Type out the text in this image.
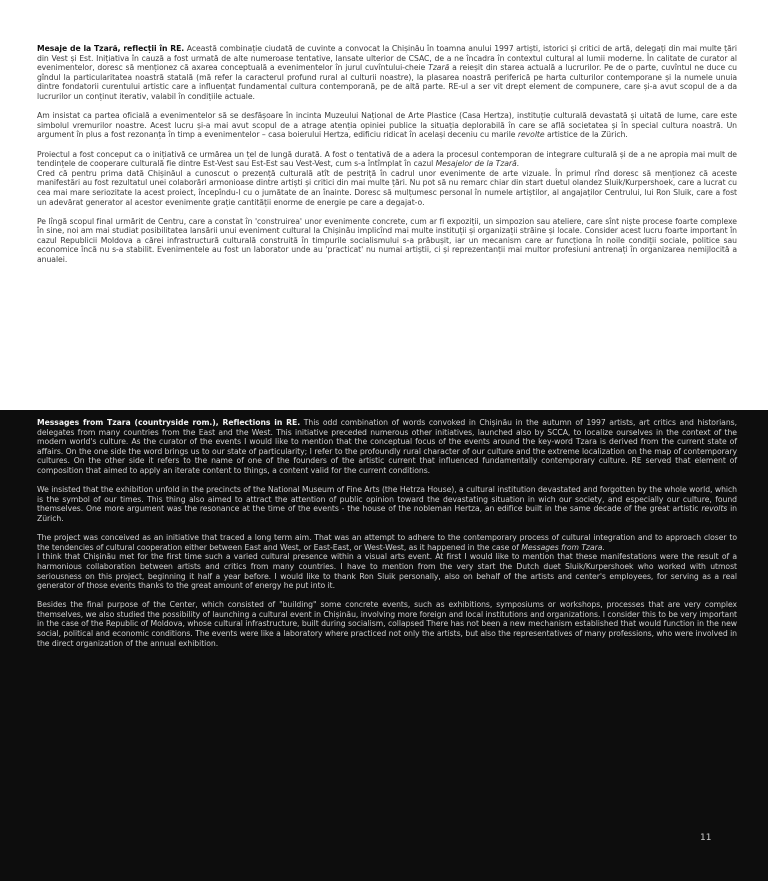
Mesaje de la Tzară, reflecții în RE. Această combinație ciudată de cuvinte a convocat la Chișinău în toamna anului 1997 artiști, istorici și critici de artă, delegați din mai multe țări din Vest și Est. Inițiativa în cauză a fost urmată de alte numeroase tentative, lansate ulterior de CSAC, de a ne încadra în contextul cultural al lumii moderne. În calitate de curator al evenimentelor, doresc să menționez că axarea conceptuală a evenimentelor în jurul cuvîntului-cheie Tzară a reieșit din starea actuală a lucrurilor. Pe de o parte, cuvîntul ne duce cu gîndul la particularitatea noastră statală (mă refer la caracterul profund rural al culturii noastre), la plasarea noastră periferică pe harta culturilor contemporane și la numele unuia dintre fondatorii curentului artistic care a influențat fundamental cultura contemporană, pe de altă parte. RE-ul a ser vit drept element de compunere, care și-a avut scopul de a da lucrurilor un conținut iterativ, valabil în condițiile actuale.

Am insistat ca partea oficială a evenimentelor să se desfășoare în incinta Muzeului Național de Arte Plastice (Casa Hertza), instituție culturală devastată și uitată de lume, care este simbolul vremurilor noastre. Acest lucru și-a mai avut scopul de a atrage atenția opiniei publice la situația deplorabilă în care se află societatea și în special cultura noastră. Un argument în plus a fost rezonanța în timp a evenimentelor – casa boierului Hertza, edificiu ridicat în același deceniu cu marile revolte artistice de la Zürich.

Proiectul a fost conceput ca o inițiativă ce urmărea un țel de lungă durată. A fost o tentativă de a adera la procesul contemporan de integrare culturală și de a ne apropia mai mult de tendințele de cooperare culturală fie dintre Est-Vest sau Est-Est sau Vest-Vest, cum s-a întîmplat în cazul Mesajelor de la Tzară.
Cred că pentru prima dată Chișinăul a cunoscut o prezență culturală atît de pestriță în cadrul unor evenimente de arte vizuale. În primul rînd doresc să menționez că aceste manifestări au fost rezultatul unei colaborări armonioase dintre artiști și critici din mai multe țări. Nu pot să nu remarc chiar din start duetul olandez Sluik/Kurpershoek, care a lucrat cu cea mai mare seriozitate la acest proiect, începîndu-l cu o jumătate de an înainte. Doresc să mulțumesc personal în numele artiștilor, al angajaților Centrului, lui Ron Sluik, care a fost un adevărat generator al acestor evenimente grație cantității enorme de energie pe care a degajat-o.

Pe lîngă scopul final urmărit de Centru, care a constat în 'construirea' unor evenimente concrete, cum ar fi expoziții, un simpozion sau ateliere, care sînt niște procese foarte complexe în sine, noi am mai studiat posibilitatea lansării unui eveniment cultural la Chișinău implicînd mai multe instituții și organizații străine și locale. Consider acest lucru foarte important în cazul Republicii Moldova a cărei infrastructură culturală construită în timpurile socialismului s-a prăbușit, iar un mecanism care ar funcționa în noile condiții sociale, politice sau economice încă nu s-a stabilit. Evenimentele au fost un laborator unde au 'practicat' nu numai artiștii, ci și reprezentanții mai multor profesiuni antrenați în organizarea nemijlocită a anualei.

Messages from Tzara (countryside rom.), Reflections in RE. This odd combination of words convoked in Chișinău in the autumn of 1997 artists, art critics and historians, delegates from many countries from the East and the West. This initiative preceded numerous other initiatives, launched also by SCCA, to localize ourselves in the context of the modern world's culture. As the curator of the events I would like to mention that the conceptual focus of the events around the key-word Tzara is derived from the current state of affairs. On the one side the word brings us to our state of particularity; I refer to the profoundly rural character of our culture and the extreme localization on the map of contemporary cultures. On the other side it refers to the name of one of the founders of the artistic current that influenced fundamentally contemporary culture. RE served that element of composition that aimed to apply an iterate content to things, a content valid for the current conditions.

We insisted that the exhibition unfold in the precincts of the National Museum of Fine Arts (the Hetrza House), a cultural institution devastated and forgotten by the whole world, which is the symbol of our times. This thing also aimed to attract the attention of public opinion toward the devastating situation in wich our society, and especially our culture, found themselves. One more argument was the resonance at the time of the events - the house of the nobleman Hertza, an edifice built in the same decade of the great artistic revolts in Zürich.

The project was conceived as an initiative that traced a long term aim. That was an attempt to adhere to the contemporary process of cultural integration and to approach closer to the tendencies of cultural cooperation either between East and West, or East-East, or West-West, as it happened in the case of Messages from Tzara.
I think that Chișinău met for the first time such a varied cultural presence within a visual arts event. At first I would like to mention that these manifestations were the result of a harmonious collaboration between artists and critics from many countries. I have to mention from the very start the Dutch duet Sluik/Kurpershoek who worked with utmost seriousness on this project, beginning it half a year before. I would like to thank Ron Sluik personally, also on behalf of the artists and center's employees, for serving as a real generator of those events thanks to the great amount of energy he put into it.

Besides the final purpose of the Center, which consisted of "building" some concrete events, such as exhibitions, symposiums or workshops, processes that are very complex themselves, we also studied the possibility of launching a cultural event in Chișinău, involving more foreign and local institutions and organizations. I consider this to be very important in the case of the Republic of Moldova, whose cultural infrastructure, built during socialism, collapsed There has not been a new mechanism established that would function in the new social, political and economic conditions. The events were like a laboratory where practiced not only the artists, but also the representatives of many professions, who were involved in the direct organization of the annual exhibition.

11
